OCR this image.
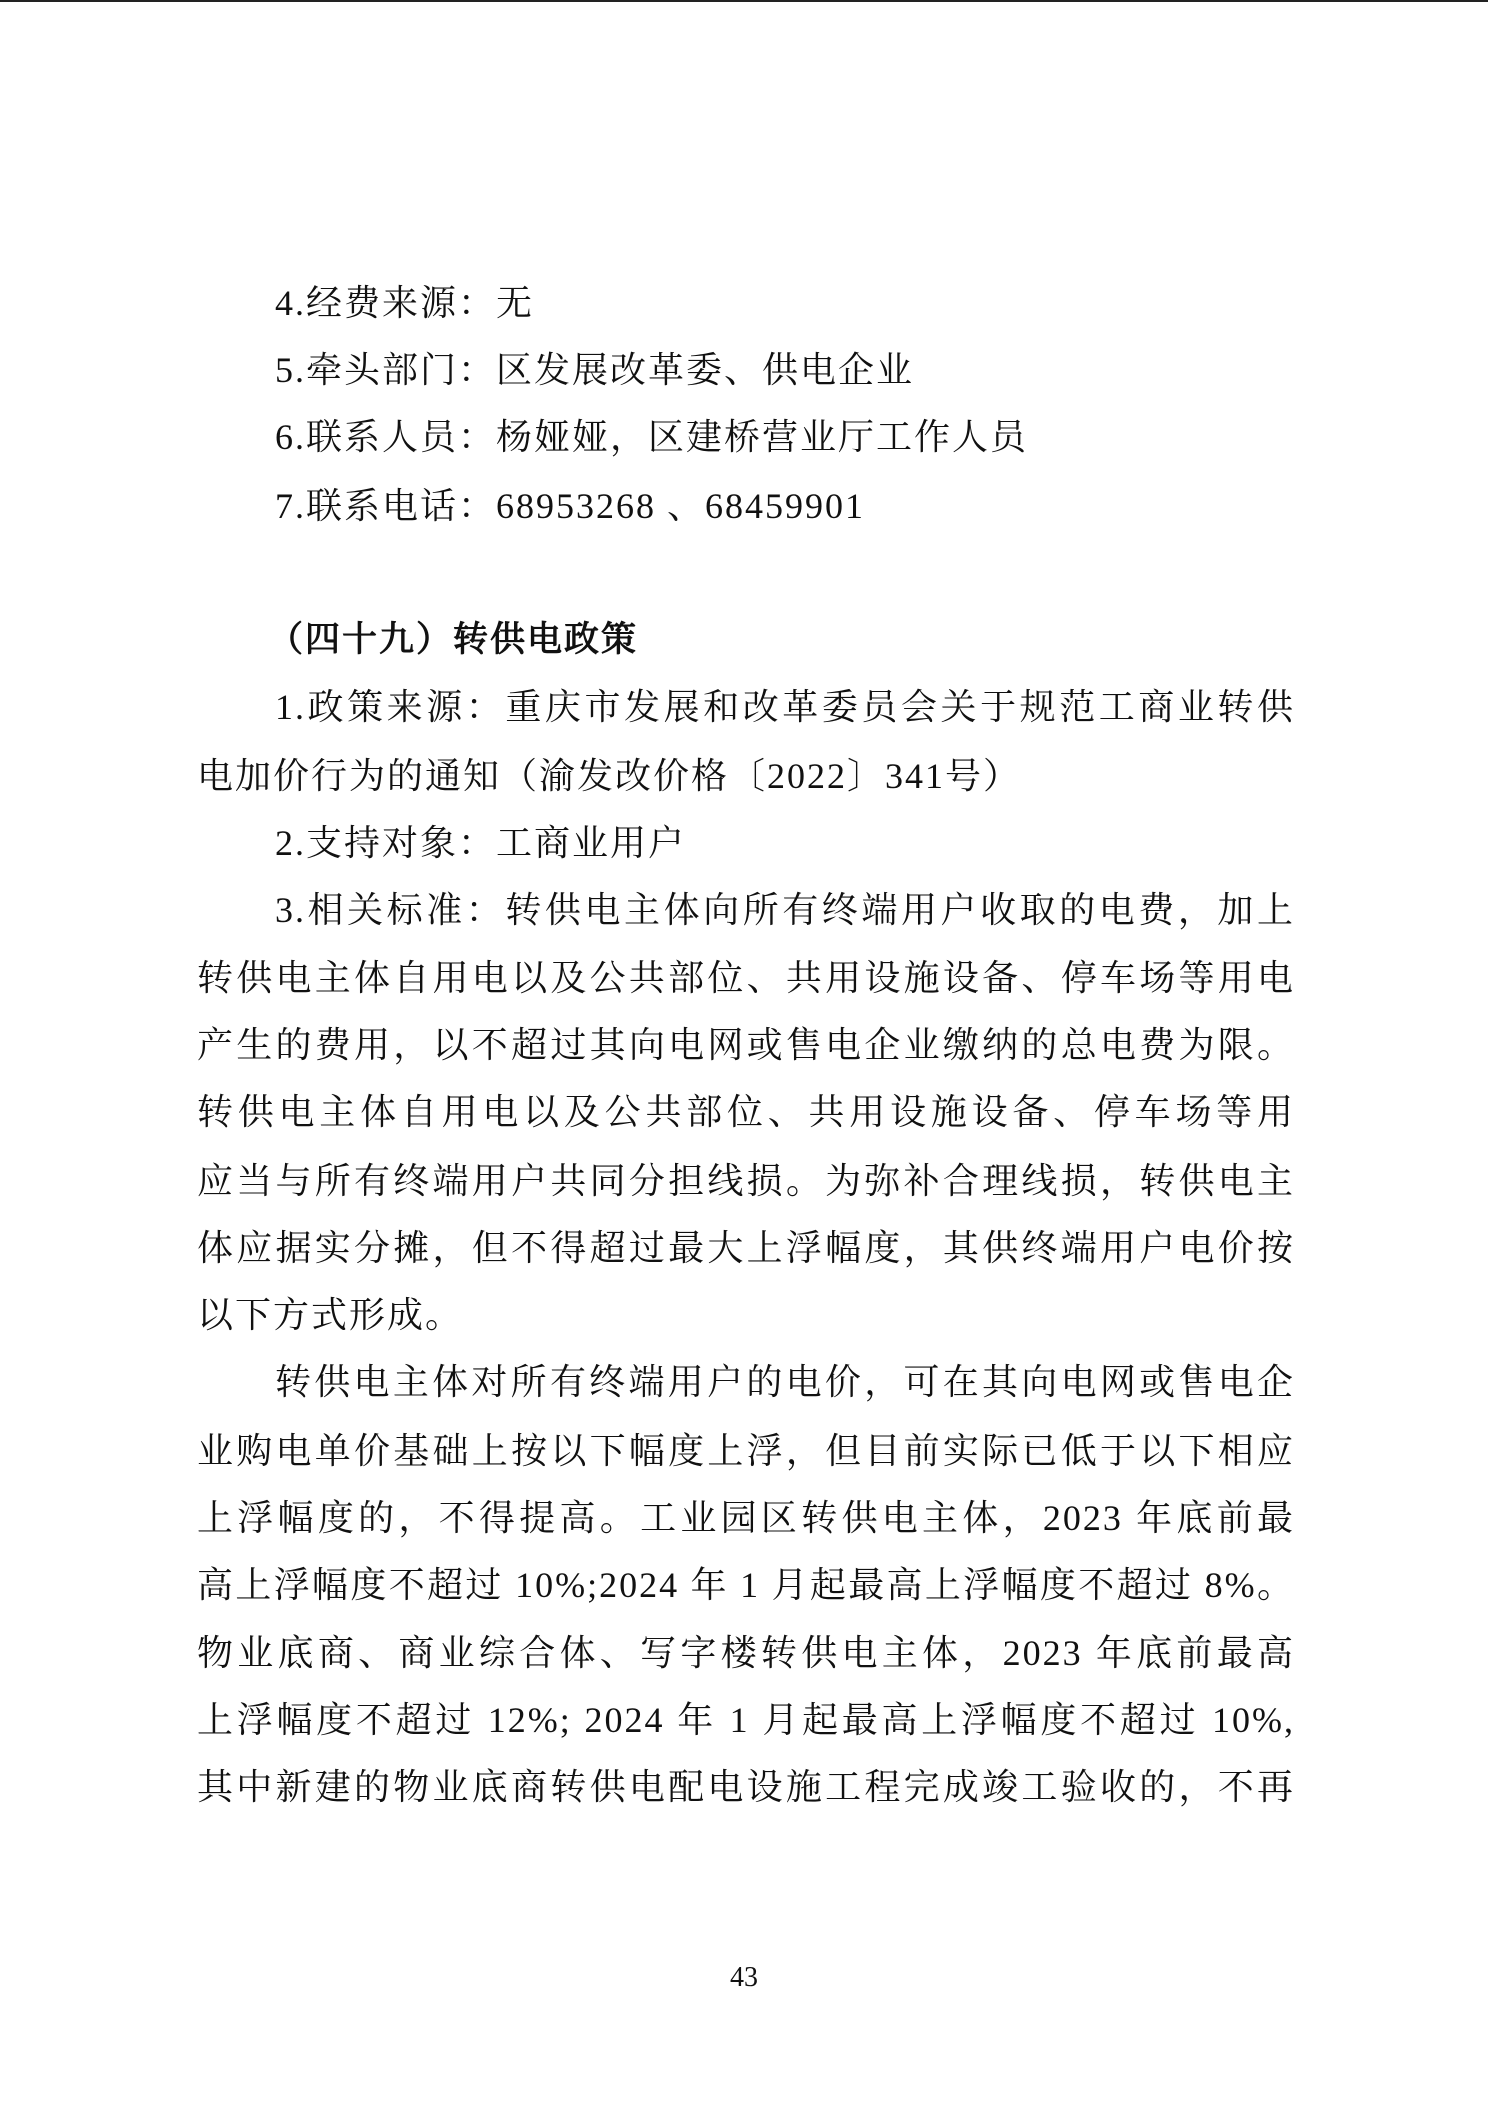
4.经费来源：无
5.牵头部门：区发展改革委、供电企业
6.联系人员：杨娅娅，区建桥营业厅工作人员
7.联系电话：68953268 、68459901
（四十九）转供电政策
1.政策来源：重庆市发展和改革委员会关于规范工商业转供
电加价行为的通知（渝发改价格〔2022〕341号）
2.支持对象：工商业用户
3.相关标准：转供电主体向所有终端用户收取的电费，加上
转供电主体自用电以及公共部位、共用设施设备、停车场等用电
产生的费用，以不超过其向电网或售电企业缴纳的总电费为限。
转供电主体自用电以及公共部位、共用设施设备、停车场等用
应当与所有终端用户共同分担线损。为弥补合理线损，转供电主
体应据实分摊，但不得超过最大上浮幅度，其供终端用户电价按
以下方式形成。
转供电主体对所有终端用户的电价，可在其向电网或售电企
业购电单价基础上按以下幅度上浮，但目前实际已低于以下相应
上浮幅度的，不得提高。工业园区转供电主体，2023 年底前最
高上浮幅度不超过 10%;2024 年 1 月起最高上浮幅度不超过 8%。
物业底商、商业综合体、写字楼转供电主体，2023 年底前最高
上浮幅度不超过 12%; 2024 年 1 月起最高上浮幅度不超过 10%,
其中新建的物业底商转供电配电设施工程完成竣工验收的，不再
43
